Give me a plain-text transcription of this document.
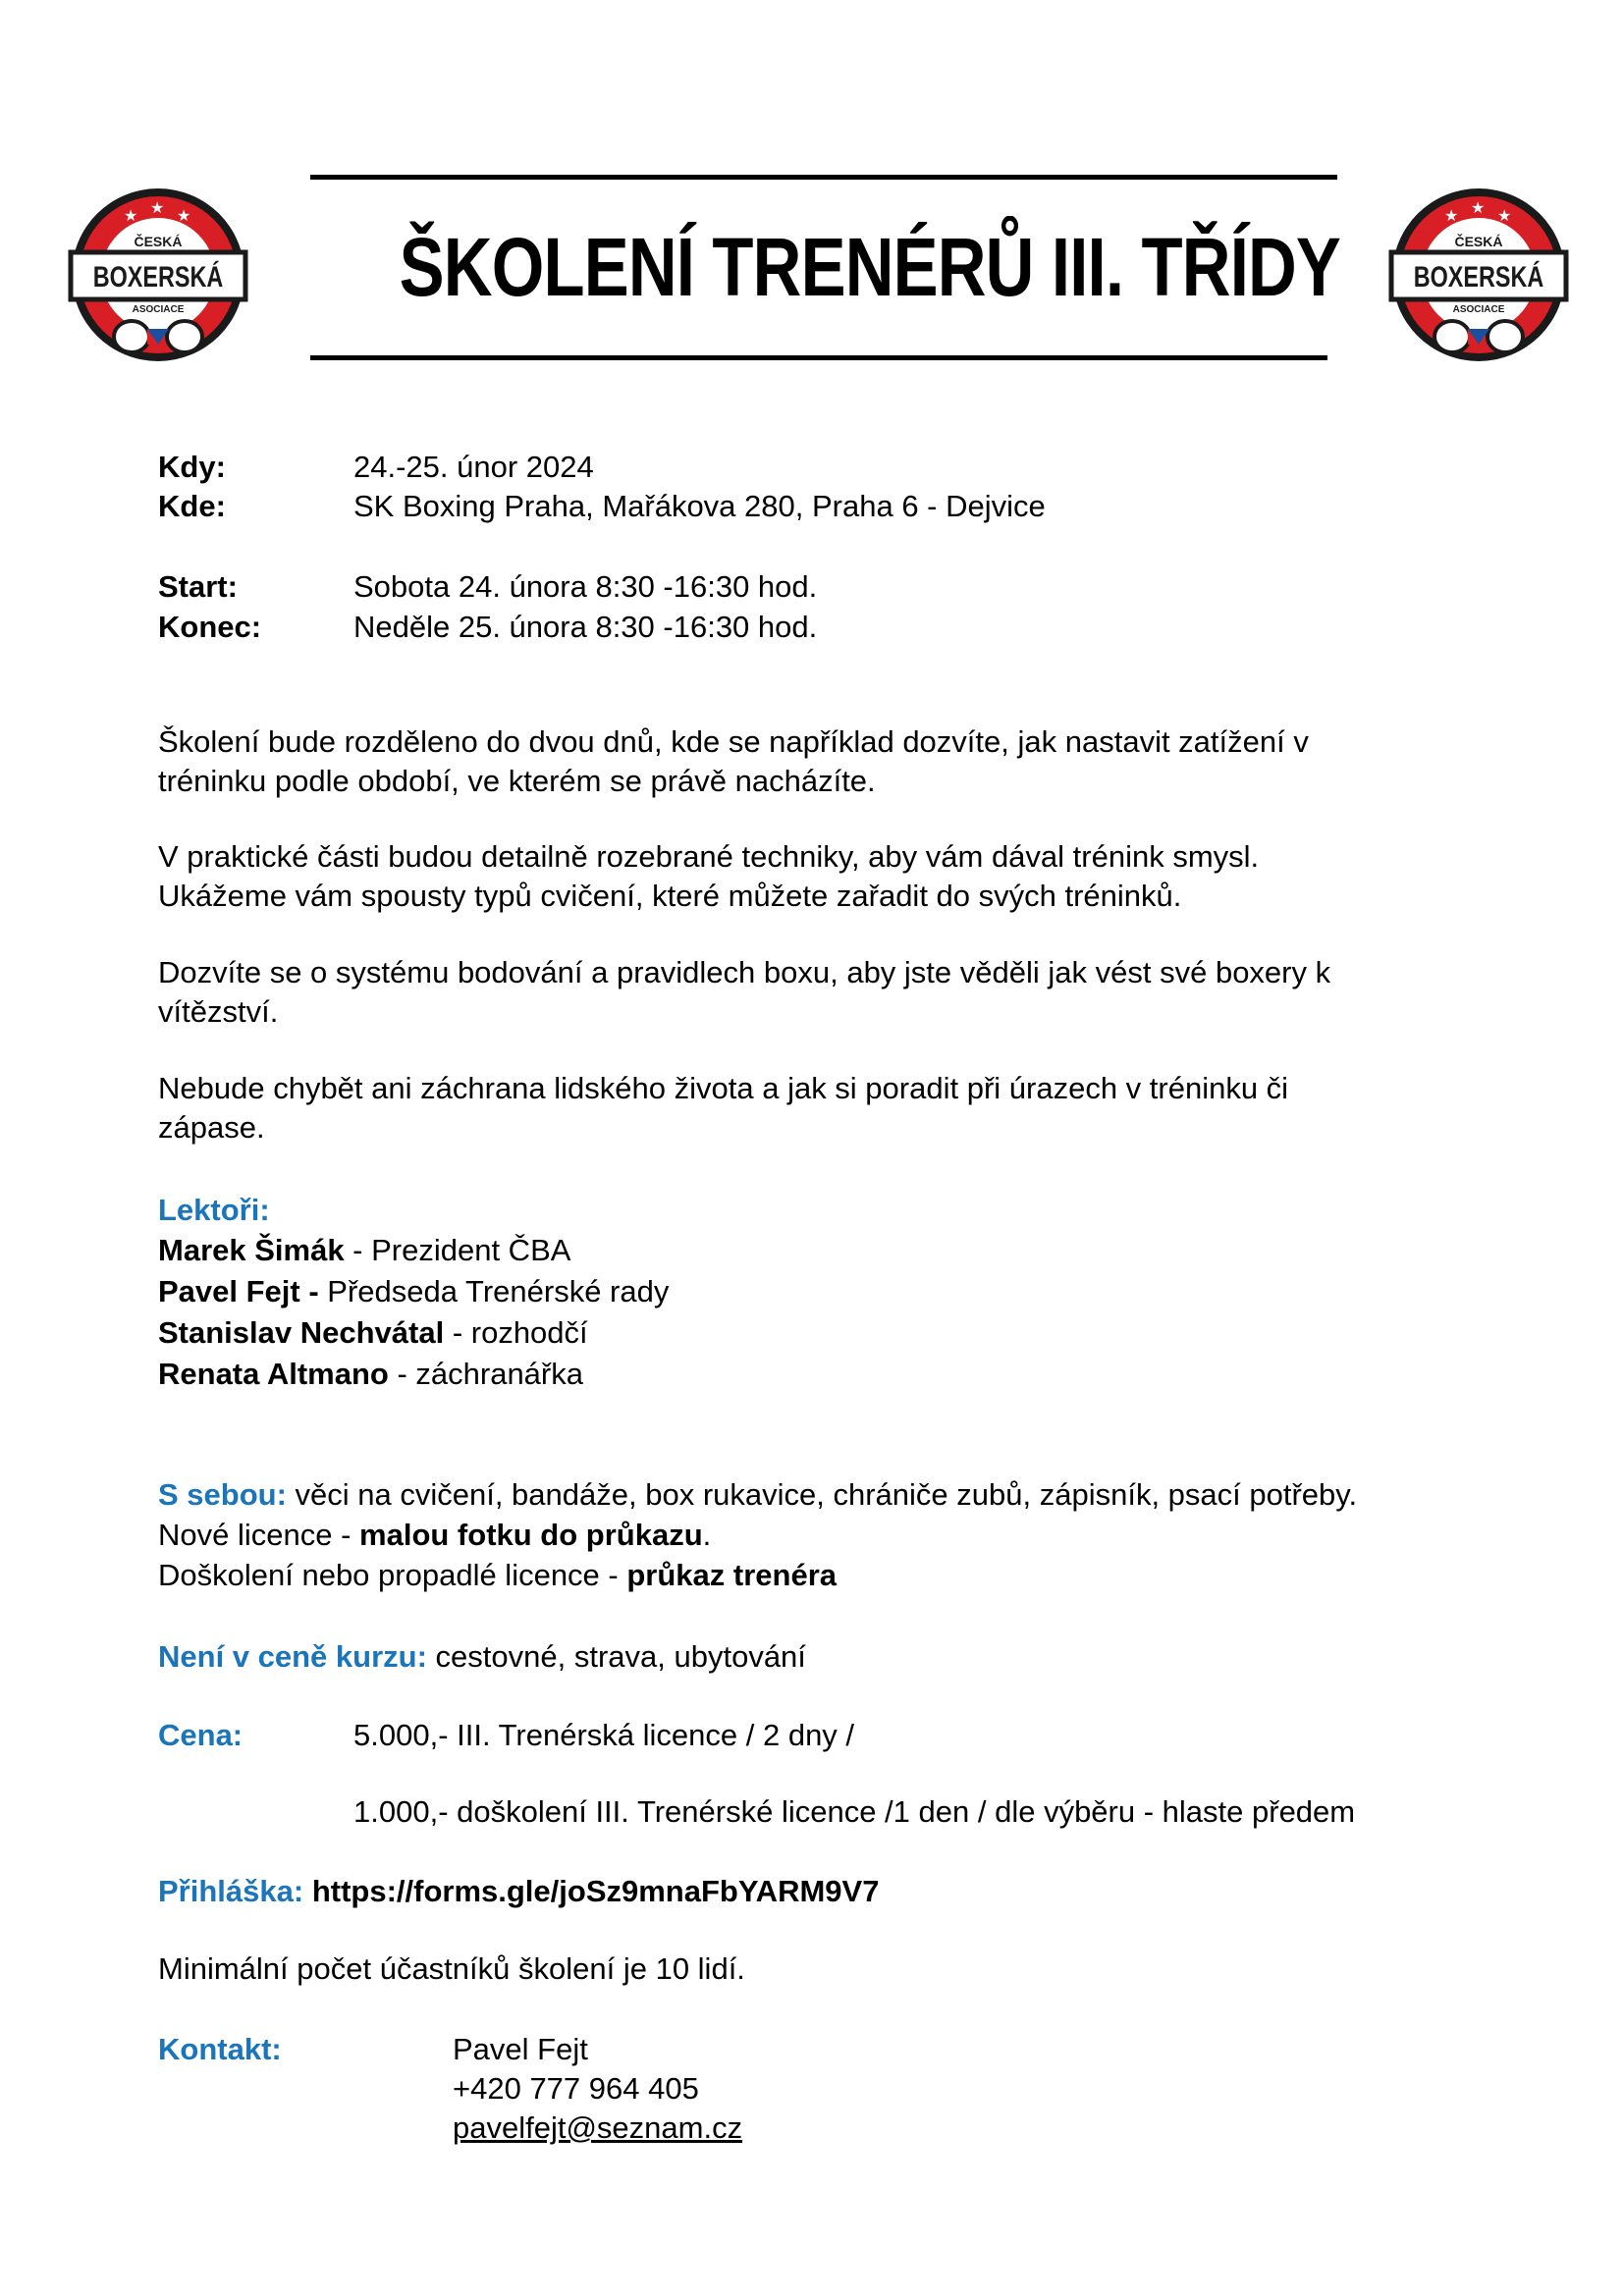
ŠKOLENÍ TRENÉRŮ III. TŘÍDY
★ ★ ★
ČESKÁ
BOXERSKÁ
ASOCIACE
★ ★ ★
ČESKÁ
BOXERSKÁ
ASOCIACE
Kdy:	24.-25. únor 2024
Kde:	SK Boxing Praha, Mařákova 280, Praha 6 - Dejvice
Start:	Sobota 24. února 8:30 -16:30 hod.
Konec:	Neděle 25. února 8:30 -16:30 hod.
Školení bude rozděleno do dvou dnů, kde se například dozvíte, jak nastavit zatížení v
tréninku podle období, ve kterém se právě nacházíte.
V praktické části budou detailně rozebrané techniky, aby vám dával trénink smysl.
Ukážeme vám spousty typů cvičení, které můžete zařadit do svých tréninků.
Dozvíte se o systému bodování a pravidlech boxu, aby jste věděli jak vést své boxery k
vítězství.
Nebude chybět ani záchrana lidského života a jak si poradit při úrazech v tréninku či
zápase.
Lektoři:
Marek Šimák - Prezident ČBA
Pavel Fejt - Předseda Trenérské rady
Stanislav Nechvátal - rozhodčí
Renata Altmano - záchranářka
S sebou: věci na cvičení, bandáže, box rukavice, chrániče zubů, zápisník, psací potřeby.
Nové licence - malou fotku do průkazu.
Doškolení nebo propadlé licence - průkaz trenéra
Není v ceně kurzu: cestovné, strava, ubytování
Cena:	5.000,- III. Trenérská licence / 2 dny /
1.000,- doškolení III. Trenérské licence /1 den / dle výběru - hlaste předem
Přihláška: https://forms.gle/joSz9mnaFbYARM9V7
Minimální počet účastníků školení je 10 lidí.
Kontakt:	Pavel Fejt
+420 777 964 405
pavelfejt@seznam.cz
